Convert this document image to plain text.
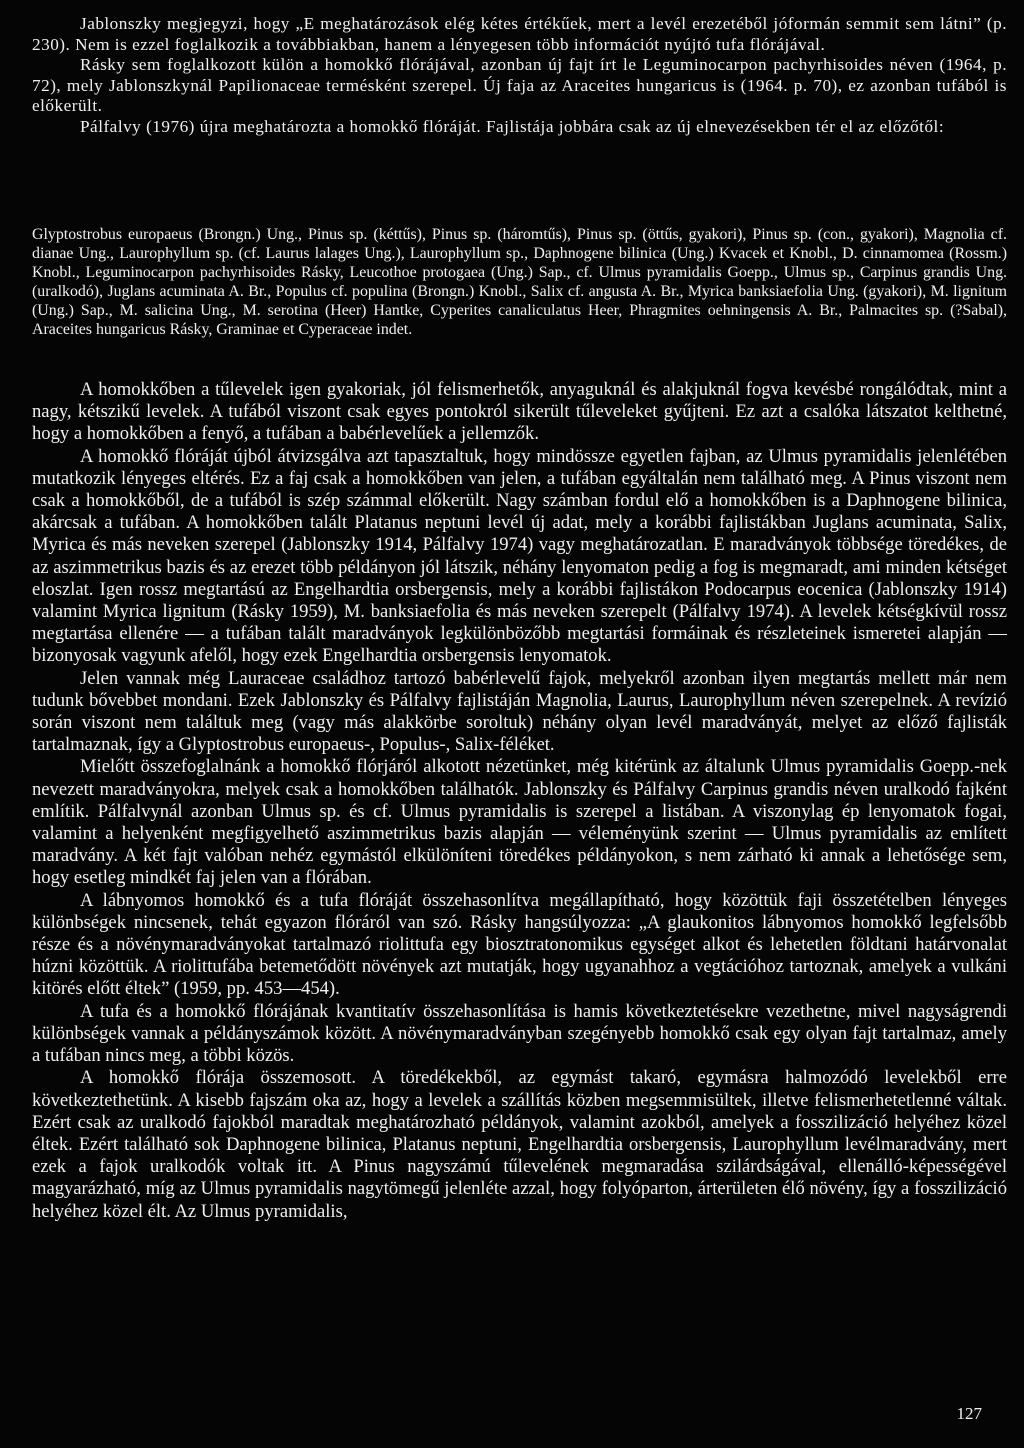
Jablonszky megjegyzi, hogy „E meghatározások elég kétes értékűek, mert a levél erezetéből jóformán semmit sem látni” (p. 230). Nem is ezzel foglalkozik a továbbiakban, hanem a lényegesen több információt nyújtó tufa flórájával.

Rásky sem foglalkozott külön a homokkő flórájával, azonban új fajt írt le Leguminocarpon pachyrhisoides néven (1964, p. 72), mely Jablonszkynál Papilionaceae termésként szerepel. Új faja az Araceites hungaricus is (1964. p. 70), ez azonban tufából is előkerült.

Pálfalvy (1976) újra meghatározta a homokkő flóráját. Fajlistája jobbára csak az új elnevezésekben tér el az előzőtől:

Glyptostrobus europaeus (Brongn.) Ung., Pinus sp. (kéttűs), Pinus sp. (háromtűs), Pinus sp. (öttűs, gyakori), Pinus sp. (con., gyakori), Magnolia cf. dianae Ung., Laurophyllum sp. (cf. Laurus lalages Ung.), Laurophyllum sp., Daphnogene bilinica (Ung.) Kvacek et Knobl., D. cinnamomea (Rossm.) Knobl., Leguminocarpon pachyrhisoides Rásky, Leucothoe protogaea (Ung.) Sap., cf. Ulmus pyramidalis Goepp., Ulmus sp., Carpinus grandis Ung. (uralkodó), Juglans acuminata A. Br., Populus cf. populina (Brongn.) Knobl., Salix cf. angusta A. Br., Myrica banksiaefolia Ung. (gyakori), M. lignitum (Ung.) Sap., M. salicina Ung., M. serotina (Heer) Hantke, Cyperites canaliculatus Heer, Phragmites oehningensis A. Br., Palmacites sp. (?Sabal), Araceites hungaricus Rásky, Graminae et Cyperaceae indet.

A homokkőben a tűlevelek igen gyakoriak, jól felismerhetők, anyaguknál és alakjuknál fogva kevésbé rongálódtak, mint a nagy, kétszikű levelek. A tufából viszont csak egyes pontokról sikerült tűleveleket gyűjteni. Ez azt a csalóka látszatot kelthetné, hogy a homokkőben a fenyő, a tufában a babérlevelűek a jellemzők.

A homokkő flóráját újból átvizsgálva azt tapasztaltuk, hogy mindössze egyetlen fajban, az Ulmus pyramidalis jelenlétében mutatkozik lényeges eltérés. Ez a faj csak a homokkőben van jelen, a tufában egyáltalán nem található meg. A Pinus viszont nem csak a homokkőből, de a tufából is szép számmal előkerült. Nagy számban fordul elő a homokkőben is a Daphnogene bilinica, akárcsak a tufában. A homokkőben talált Platanus neptuni levél új adat, mely a korábbi fajlistákban Juglans acuminata, Salix, Myrica és más neveken szerepel (Jablonszky 1914, Pálfalvy 1974) vagy meghatározatlan. E maradványok többsége töredékes, de az aszimmetrikus bazis és az erezet több példányon jól látszik, néhány lenyomaton pedig a fog is megmaradt, ami minden kétséget eloszlat. Igen rossz megtartású az Engelhardtia orsbergensis, mely a korábbi fajlistákon Podocarpus eocenica (Jablonszky 1914) valamint Myrica lignitum (Rásky 1959), M. banksiaefolia és más neveken szerepelt (Pálfalvy 1974). A levelek kétségkívül rossz megtartása ellenére — a tufában talált maradványok legkülönbözőbb megtartási formáinak és részleteinek ismeretei alapján — bizonyosak vagyunk afelől, hogy ezek Engelhardtia orsbergensis lenyomatok.

Jelen vannak még Lauraceae családhoz tartozó babérlevelű fajok, melyekről azonban ilyen megtartás mellett már nem tudunk bővebbet mondani. Ezek Jablonszky és Pálfalvy fajlistáján Magnolia, Laurus, Laurophyllum néven szerepelnek. A revízió során viszont nem találtuk meg (vagy más alakkörbe soroltuk) néhány olyan levél maradványát, melyet az előző fajlisták tartalmaznak, így a Glyptostrobus europaeus-, Populus-, Salix-féléket.

Mielőtt összefoglalnánk a homokkő flórjáról alkotott nézetünket, még kitérünk az általunk Ulmus pyramidalis Goepp.-nek nevezett maradványokra, melyek csak a homokkőben találhatók. Jablonszky és Pálfalvy Carpinus grandis néven uralkodó fajként említik. Pálfalvynál azonban Ulmus sp. és cf. Ulmus pyramidalis is szerepel a listában. A viszonylag ép lenyomatok fogai, valamint a helyenként megfigyelhető aszimmetrikus bazis alapján — véleményünk szerint — Ulmus pyramidalis az említett maradvány. A két fajt valóban nehéz egymástól elkülöníteni töredékes példányokon, s nem zárható ki annak a lehetősége sem, hogy esetleg mindkét faj jelen van a flórában.

A lábnyomos homokkő és a tufa flóráját összehasonlítva megállapítható, hogy közöttük faji összetételben lényeges különbségek nincsenek, tehát egyazon flóráról van szó. Rásky hangsúlyozza: „A glaukonitos lábnyomos homokkő legfelsőbb része és a növénymaradványokat tartalmazó riolittufa egy biosztratonomikus egységet alkot és lehetetlen földtani határvonalat húzni közöttük. A riolittufába betemetődött növények azt mutatják, hogy ugyanahhoz a vegtációhoz tartoznak, amelyek a vulkáni kitörés előtt éltek” (1959, pp. 453—454).

A tufa és a homokkő flórájának kvantitatív összehasonlítása is hamis következtetésekre vezethetne, mivel nagyságrendi különbségek vannak a példányszámok között. A növénymaradványban szegényebb homokkő csak egy olyan fajt tartalmaz, amely a tufában nincs meg, a többi közös.

A homokkő flórája összemosott. A töredékekből, az egymást takaró, egymásra halmozódó levelekből erre következtethetünk. A kisebb fajszám oka az, hogy a levelek a szállítás közben megsemmisültek, illetve felismerhetetlenné váltak. Ezért csak az uralkodó fajokból maradtak meghatározható példányok, valamint azokból, amelyek a fosszilizáció helyéhez közel éltek. Ezért található sok Daphnogene bilinica, Platanus neptuni, Engelhardtia orsbergensis, Laurophyllum levélmaradvány, mert ezek a fajok uralkodók voltak itt. A Pinus nagyszámú tűlevelének megmaradása szilárdságával, ellenálló-képességével magyarázható, míg az Ulmus pyramidalis nagytömegű jelenléte azzal, hogy folyóparton, árterületen élő növény, így a fosszilizáció helyéhez közel élt. Az Ulmus pyramidalis,

127
